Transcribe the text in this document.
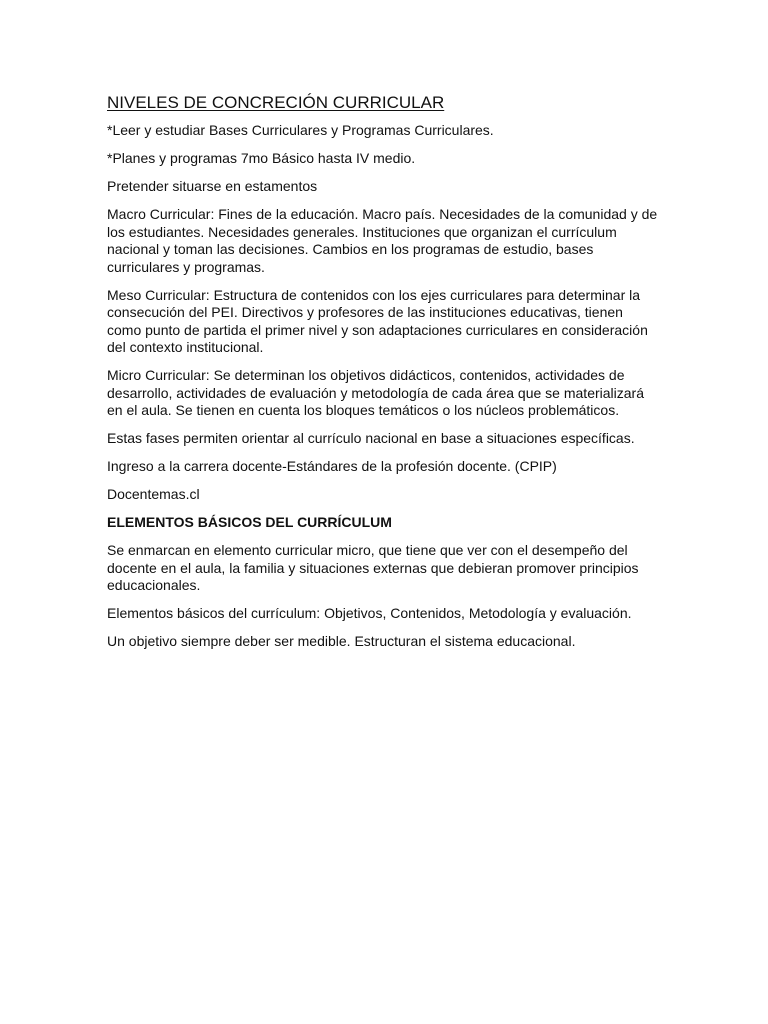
NIVELES DE CONCRECIÓN CURRICULAR

*Leer y estudiar Bases Curriculares y Programas Curriculares.

*Planes y programas 7mo Básico hasta IV medio.

Pretender situarse en estamentos

Macro Curricular: Fines de la educación. Macro país. Necesidades de la comunidad y de los estudiantes. Necesidades generales. Instituciones que organizan el currículum nacional y toman las decisiones. Cambios en los programas de estudio, bases curriculares y programas.

Meso Curricular: Estructura de contenidos con los ejes curriculares para determinar la consecución del PEI. Directivos y profesores de las instituciones educativas, tienen como punto de partida el primer nivel y son adaptaciones curriculares en consideración del contexto institucional.

Micro Curricular: Se determinan los objetivos didácticos, contenidos, actividades de desarrollo, actividades de evaluación y metodología de cada área que se materializará en el aula. Se tienen en cuenta los bloques temáticos o los núcleos problemáticos.

Estas fases permiten orientar al currículo nacional en base a situaciones específicas.

Ingreso a la carrera docente-Estándares de la profesión docente. (CPIP)

Docentemas.cl

ELEMENTOS BÁSICOS DEL CURRÍCULUM

Se enmarcan en elemento curricular micro, que tiene que ver con el desempeño del docente en el aula, la familia y situaciones externas que debieran promover principios educacionales.

Elementos básicos del currículum: Objetivos, Contenidos, Metodología y evaluación.

Un objetivo siempre deber ser medible. Estructuran el sistema educacional.
